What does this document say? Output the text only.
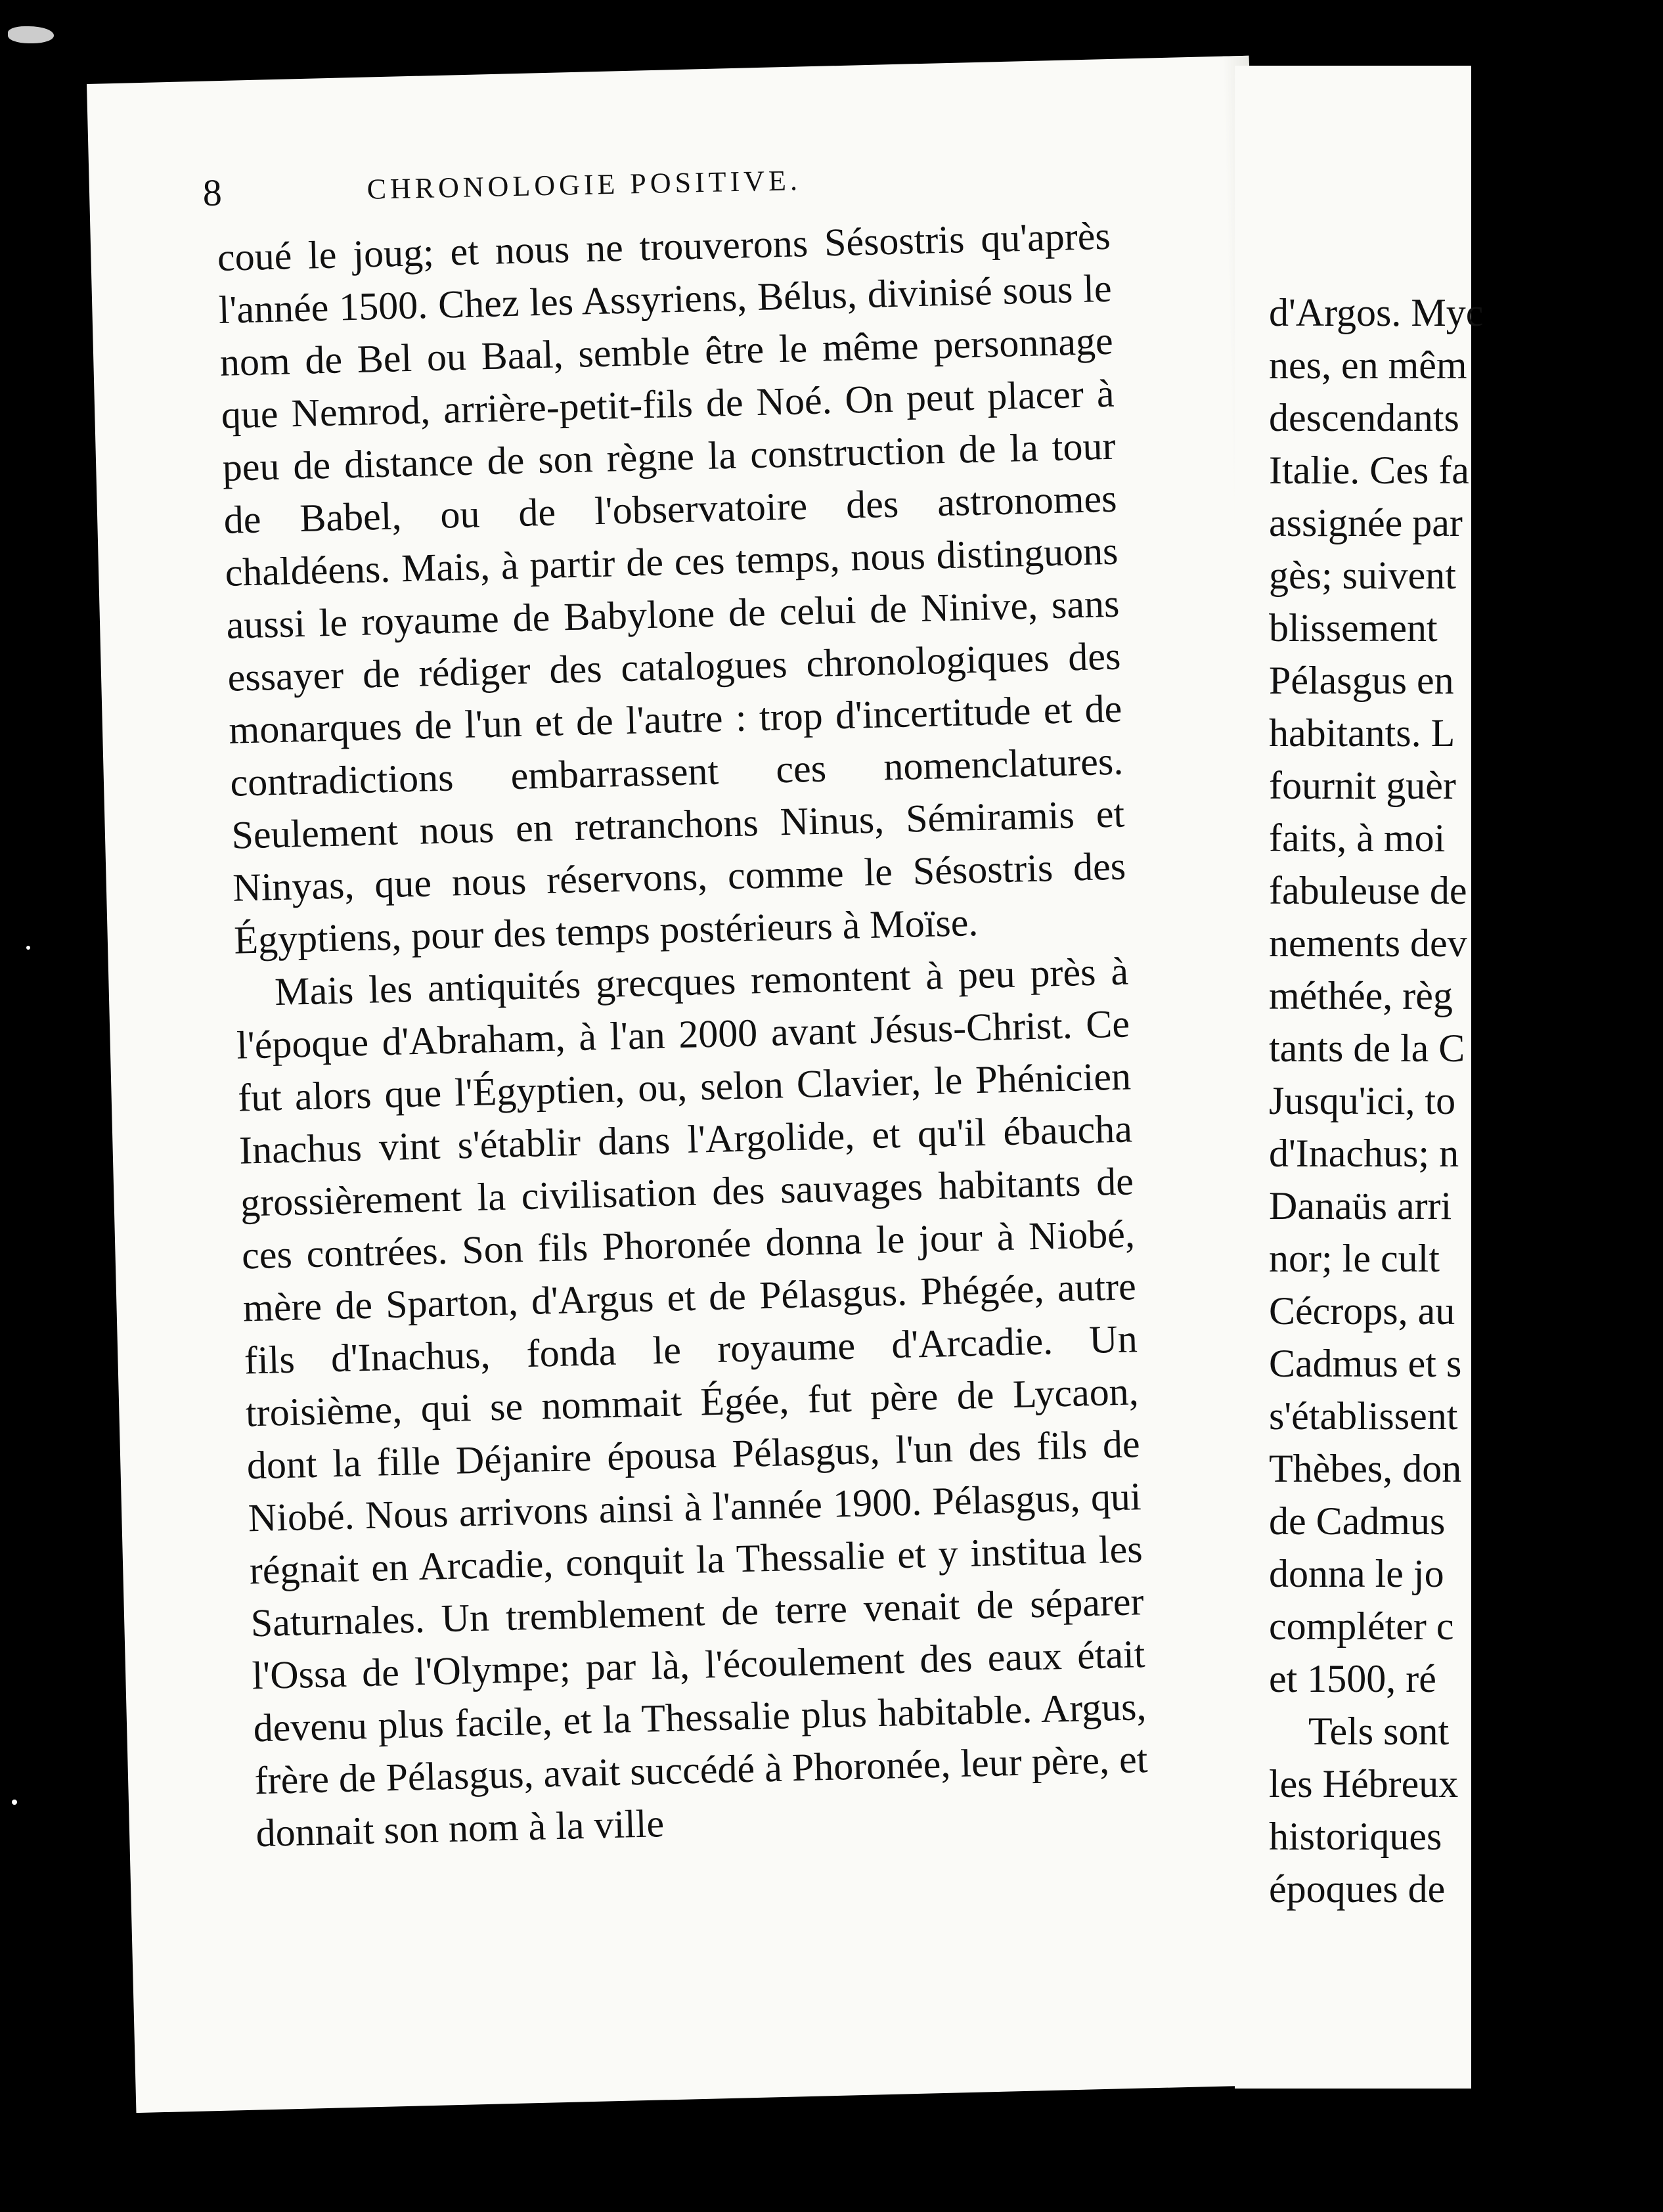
d'Argos. Myc
nes, en mêm
descendants
Italie. Ces fa
assignée par
gès; suivent
blissement
Pélasgus en
habitants. L
fournit guèr
faits, à moi
fabuleuse de
nements dev
méthée, règ
tants de la C
Jusqu'ici, to
d'Inachus; n
Danaüs arri
nor; le cult
Cécrops, au
Cadmus et s
s'établissent
Thèbes, don
de Cadmus
donna le jo
compléter c
et 1500, ré
Tels sont
les Hébreux
historiques
époques de
8	CHRONOLOGIE POSITIVE.

coué le joug; et nous ne trouverons Sésostris qu'après l'année 1500. Chez les Assyriens, Bélus, divinisé sous le nom de Bel ou Baal, semble être le même personnage que Nemrod, arrière-petit-fils de Noé. On peut placer à peu de distance de son règne la construction de la tour de Babel, ou de l'observatoire des astronomes chaldéens. Mais, à partir de ces temps, nous distinguons aussi le royaume de Babylone de celui de Ninive, sans essayer de rédiger des catalogues chronologiques des monarques de l'un et de l'autre : trop d'incertitude et de contradictions embarrassent ces nomenclatures. Seulement nous en retranchons Ninus, Sémiramis et Ninyas, que nous réservons, comme le Sésostris des Égyptiens, pour des temps postérieurs à Moïse.

Mais les antiquités grecques remontent à peu près à l'époque d'Abraham, à l'an 2000 avant Jésus-Christ. Ce fut alors que l'Égyptien, ou, selon Clavier, le Phénicien Inachus vint s'établir dans l'Argolide, et qu'il ébaucha grossièrement la civilisation des sauvages habitants de ces contrées. Son fils Phoronée donna le jour à Niobé, mère de Sparton, d'Argus et de Pélasgus. Phégée, autre fils d'Inachus, fonda le royaume d'Arcadie. Un troisième, qui se nommait Égée, fut père de Lycaon, dont la fille Déjanire épousa Pélasgus, l'un des fils de Niobé. Nous arrivons ainsi à l'année 1900. Pélasgus, qui régnait en Arcadie, conquit la Thessalie et y institua les Saturnales. Un tremblement de terre venait de séparer l'Ossa de l'Olympe; par là, l'écoulement des eaux était devenu plus facile, et la Thessalie plus habitable. Argus, frère de Pélasgus, avait succédé à Phoronée, leur père, et donnait son nom à la ville
